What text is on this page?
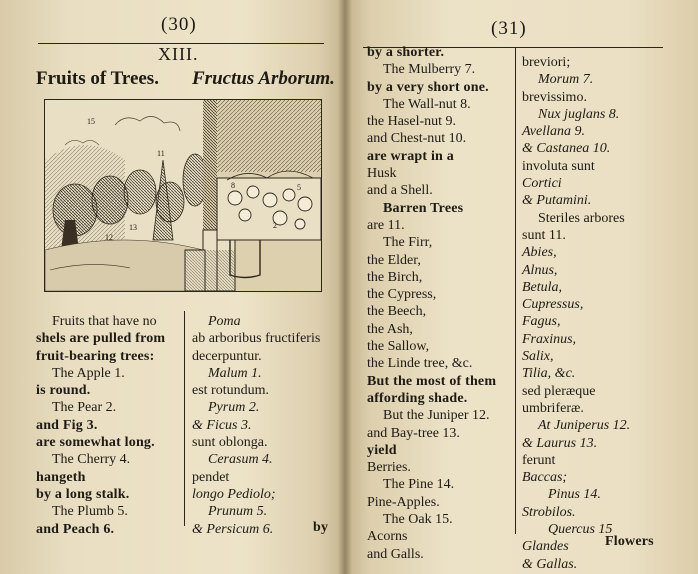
(30)
XIII.
Fruits of Trees. Fructus Arborum.
15
11
12
13
8	5
2
Fruits that have no
shels are pulled from
fruit-bearing trees:
The Apple 1.
is round.
The Pear 2.
and Fig 3.
are somewhat long.
The Cherry 4.
hangeth
by a long stalk.
The Plumb 5.
and Peach 6.
Poma
ab arboribus fructiferis
decerpuntur.
Malum 1.
est rotundum.
Pyrum 2.
& Ficus 3.
sunt oblonga.
Cerasum 4.
pendet
longo Pediolo;
Prunum 5.
& Persicum 6.	by
(31)
by a shorter.
The Mulberry 7.
by a very short one.
The Wall-nut 8.
the Hasel-nut 9.
and Chest-nut 10.
are wrapt in a
Husk
and a Shell.
Barren Trees
are 11.
The Firr,
the Elder,
the Birch,
the Cypress,
the Beech,
the Ash,
the Sallow,
the Linde tree, &c.
But the most of them
affording shade.
But the Juniper 12.
and Bay-tree 13.
yield
Berries.
The Pine 14.
Pine-Apples.
The Oak 15.
Acorns
and Galls.
breviori;
Morum 7.
brevissimo.
Nux juglans 8.
Avellana 9.
& Castanea 10.
involuta sunt
Cortici
& Putamini.
Steriles arbores
sunt 11.
Abies,
Alnus,
Betula,
Cupressus,
Fagus,
Fraxinus,
Salix,
Tilia, &c.
sed pleræque
umbriferæ.
At Juniperus 12.
& Laurus 13.
ferunt
Baccas;
Pinus 14.
Strobilos.
Quercus 15
Glandes
& Gallas.
Flowers
